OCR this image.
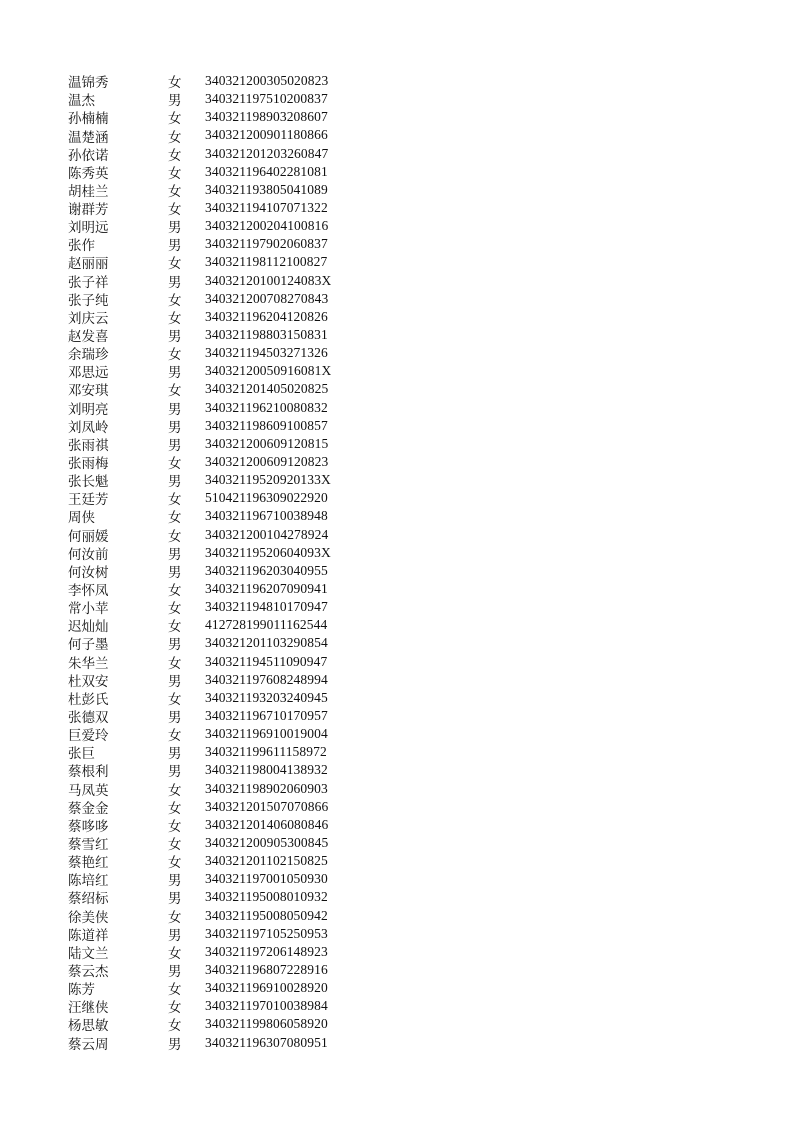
温锦秀	女	340321200305020823
温杰	男	340321197510200837
孙楠楠	女	340321198903208607
温楚涵	女	340321200901180866
孙依诺	女	340321201203260847
陈秀英	女	340321196402281081
胡桂兰	女	340321193805041089
谢群芳	女	340321194107071322
刘明远	男	340321200204100816
张作	男	340321197902060837
赵丽丽	女	340321198112100827
张子祥	男	34032120100124083X
张子纯	女	340321200708270843
刘庆云	女	340321196204120826
赵发喜	男	340321198803150831
余瑞珍	女	340321194503271326
邓思远	男	34032120050916081X
邓安琪	女	340321201405020825
刘明亮	男	340321196210080832
刘凤岭	男	340321198609100857
张雨祺	男	340321200609120815
张雨梅	女	340321200609120823
张长魁	男	34032119520920133X
王廷芳	女	510421196309022920
周侠	女	340321196710038948
何丽媛	女	340321200104278924
何汝前	男	34032119520604093X
何汝树	男	340321196203040955
李怀凤	女	340321196207090941
常小苹	女	340321194810170947
迟灿灿	女	412728199011162544
何子墨	男	340321201103290854
朱华兰	女	340321194511090947
杜双安	男	340321197608248994
杜彭氏	女	340321193203240945
张德双	男	340321196710170957
巨爱玲	女	340321196910019004
张巨	男	340321199611158972
蔡根利	男	340321198004138932
马凤英	女	340321198902060903
蔡金金	女	340321201507070866
蔡哆哆	女	340321201406080846
蔡雪红	女	340321200905300845
蔡艳红	女	340321201102150825
陈培红	男	340321197001050930
蔡绍标	男	340321195008010932
徐美侠	女	340321195008050942
陈道祥	男	340321197105250953
陆文兰	女	340321197206148923
蔡云杰	男	340321196807228916
陈芳	女	340321196910028920
汪继侠	女	340321197010038984
杨思敏	女	340321199806058920
蔡云周	男	340321196307080951
